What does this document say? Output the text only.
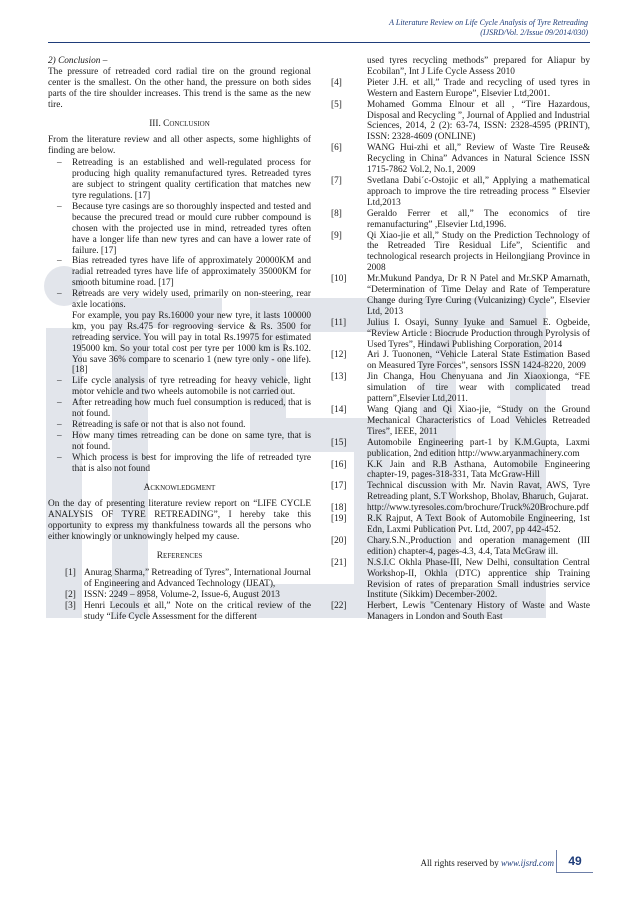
A Literature Review on Life Cycle Analysis of Tyre Retreading
(IJSRD/Vol. 2/Issue 09/2014/030)

2) Conclusion –

The pressure of retreaded cord radial tire on the ground regional center is the smallest. On the other hand, the pressure on both sides parts of the tire shoulder increases. This trend is the same as the new tire.

III. Conclusion

From the literature review and all other aspects, some highlights of finding are below.

– Retreading is an established and well-regulated process for producing high quality remanufactured tyres. Retreaded tyres are subject to stringent quality certification that matches new tyre regulations. [17]
– Because tyre casings are so thoroughly inspected and tested and because the precured tread or mould cure rubber compound is chosen with the projected use in mind, retreaded tyres often have a longer life than new tyres and can have a lower rate of failure. [17]
– Bias retreaded tyres have life of approximately 20000KM and radial retreaded tyres have life of approximately 35000KM for smooth bitumine road. [17]
– Retreads are very widely used, primarily on non-steering, rear axle locations.
For example, you pay Rs.16000 your new tyre, it lasts 100000 km, you pay Rs.475 for regrooving service & Rs. 3500 for retreading service. You will pay in total Rs.19975 for estimated 195000 km. So your total cost per tyre per 1000 km is Rs.102. You save 36% compare to scenario 1 (new tyre only - one life). [18]
– Life cycle analysis of tyre retreading for heavy vehicle, light motor vehicle and two wheels automobile is not carried out.
– After retreading how much fuel consumption is reduced, that is not found.
– Retreading is safe or not that is also not found.
– How many times retreading can be done on same tyre, that is not found.
– Which process is best for improving the life of retreaded tyre that is also not found
Acknowledgment

On the day of presenting literature review report on “LIFE CYCLE ANALYSIS OF TYRE RETREADING”, I hereby take this opportunity to express my thankfulness towards all the persons who either knowingly or unknowingly helped my cause.

References
[1] Anurag Sharma,” Retreading of Tyres”, International Journal of Engineering and Advanced Technology (IJEAT),
[2] ISSN: 2249 – 8958, Volume-2, Issue-6, August 2013
[3] Henri Lecouls et all,” Note on the critical review of the study “Life Cycle Assessment for the different
used tyres recycling methods” prepared for Aliapur by Ecobilan”, Int J Life Cycle Assess 2010
[4]	Pieter J.H. et all,” Trade and recycling of used tyres in Western and Eastern Europe”, Elsevier Ltd,2001.
[5]	Mohamed Gomma Elnour et all , “Tire Hazardous, Disposal and Recycling ”, Journal of Applied and Industrial Sciences, 2014, 2 (2): 63-74, ISSN: 2328-4595 (PRINT), ISSN: 2328-4609 (ONLINE)
[6]	WANG Hui-zhi et all,” Review of Waste Tire Reuse& Recycling in China” Advances in Natural Science ISSN 1715-7862 Vol.2, No.1, 2009
[7]	Svetlana Dabi´c-Ostojic et all,” Applying a mathematical approach to improve the tire retreading process ” Elsevier Ltd,2013
[8]	Geraldo Ferrer et all,” The economics of tire remanufacturing” ,Elsevier Ltd,1996.
[9]	Qi Xiao-jie et all,” Study on the Prediction Technology of the Retreaded Tire Residual Life”, Scientific and technological research projects in Heilongjiang Province in 2008
[10] Mr.Mukund Pandya, Dr R N Patel and Mr.SKP Amarnath, “Determination of Time Delay and Rate of Temperature Change during Tyre Curing (Vulcanizing) Cycle”, Elsevier Ltd, 2013
[11] Julius I. Osayi, Sunny Iyuke and Samuel E. Ogbeide, “Review Article : Biocrude Production through Pyrolysis of Used Tyres”, Hindawi Publishing Corporation, 2014
[12] Ari J. Tuononen, “Vehicle Lateral State Estimation Based on Measured Tyre Forces”, sensors ISSN 1424-8220, 2009
[13] Jin Changa, Hou Chenyuana and Jin Xiaoxionga, “FE simulation of tire wear with complicated tread pattern”,Elsevier Ltd,2011.
[14] Wang Qiang and Qi Xiao-jie, “Study on the Ground Mechanical Characteristics of Load Vehicles Retreaded Tires”, IEEE, 2011
[15] Automobile Engineering part-1 by K.M.Gupta, Laxmi publication, 2nd edition http://www.aryanmachinery.com
[16] K.K Jain and R.B Asthana, Automobile Engineering chapter-19, pages-318-331, Tata McGraw-Hill
[17] Technical discussion with Mr. Navin Ravat, AWS, Tyre Retreading plant, S.T Workshop, Bholav, Bharuch, Gujarat.
[18] http://www.tyresoles.com/brochure/Truck%20Brochure.pdf
[19] R.K Rajput, A Text Book of Automobile Engineering, 1st Edn, Laxmi Publication Pvt. Ltd, 2007, pp 442-452.
[20] Chary.S.N.,Production and operation management (III edition) chapter-4, pages-4.3, 4.4, Tata McGraw ill.
[21] N.S.I.C Okhla Phase-III, New Delhi, consultation Central Workshop-II, Okhla (DTC) apprentice ship Training Revision of rates of preparation Small industries service Institute (Sikkim) December-2002.
[22] Herbert, Lewis "Centenary History of Waste and Waste Managers in London and South East
All rights reserved by www.ijsrd.com	49
